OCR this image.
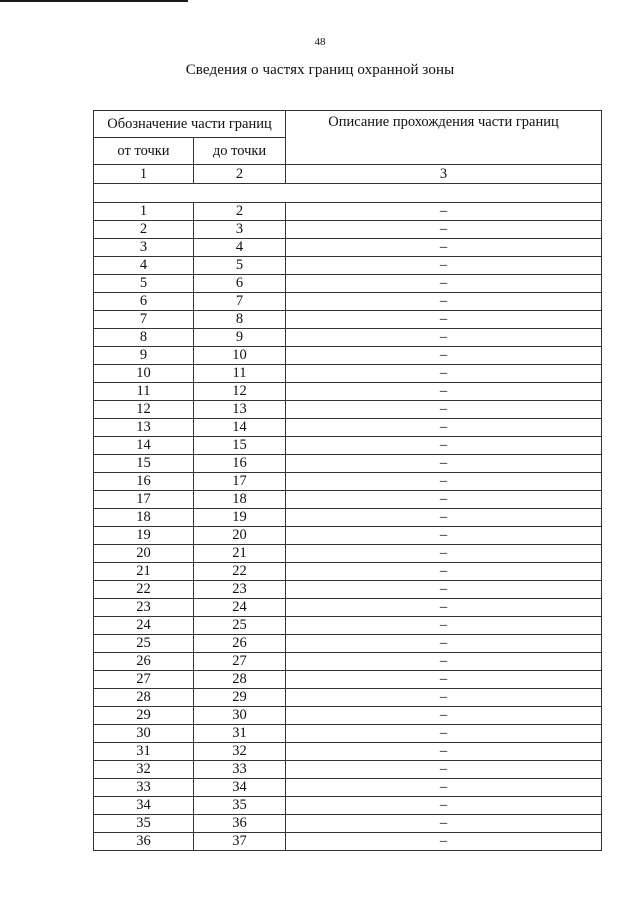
48
Сведения о частях границ охранной зоны
Обозначение части границ		Описание прохождения части границ
от точки	до точки	
1	2	3

1	2	–
2	3	–
3	4	–
4	5	–
5	6	–
6	7	–
7	8	–
8	9	–
9	10	–
10	11	–
11	12	–
12	13	–
13	14	–
14	15	–
15	16	–
16	17	–
17	18	–
18	19	–
19	20	–
20	21	–
21	22	–
22	23	–
23	24	–
24	25	–
25	26	–
26	27	–
27	28	–
28	29	–
29	30	–
30	31	–
31	32	–
32	33	–
33	34	–
34	35	–
35	36	–
36	37	–
